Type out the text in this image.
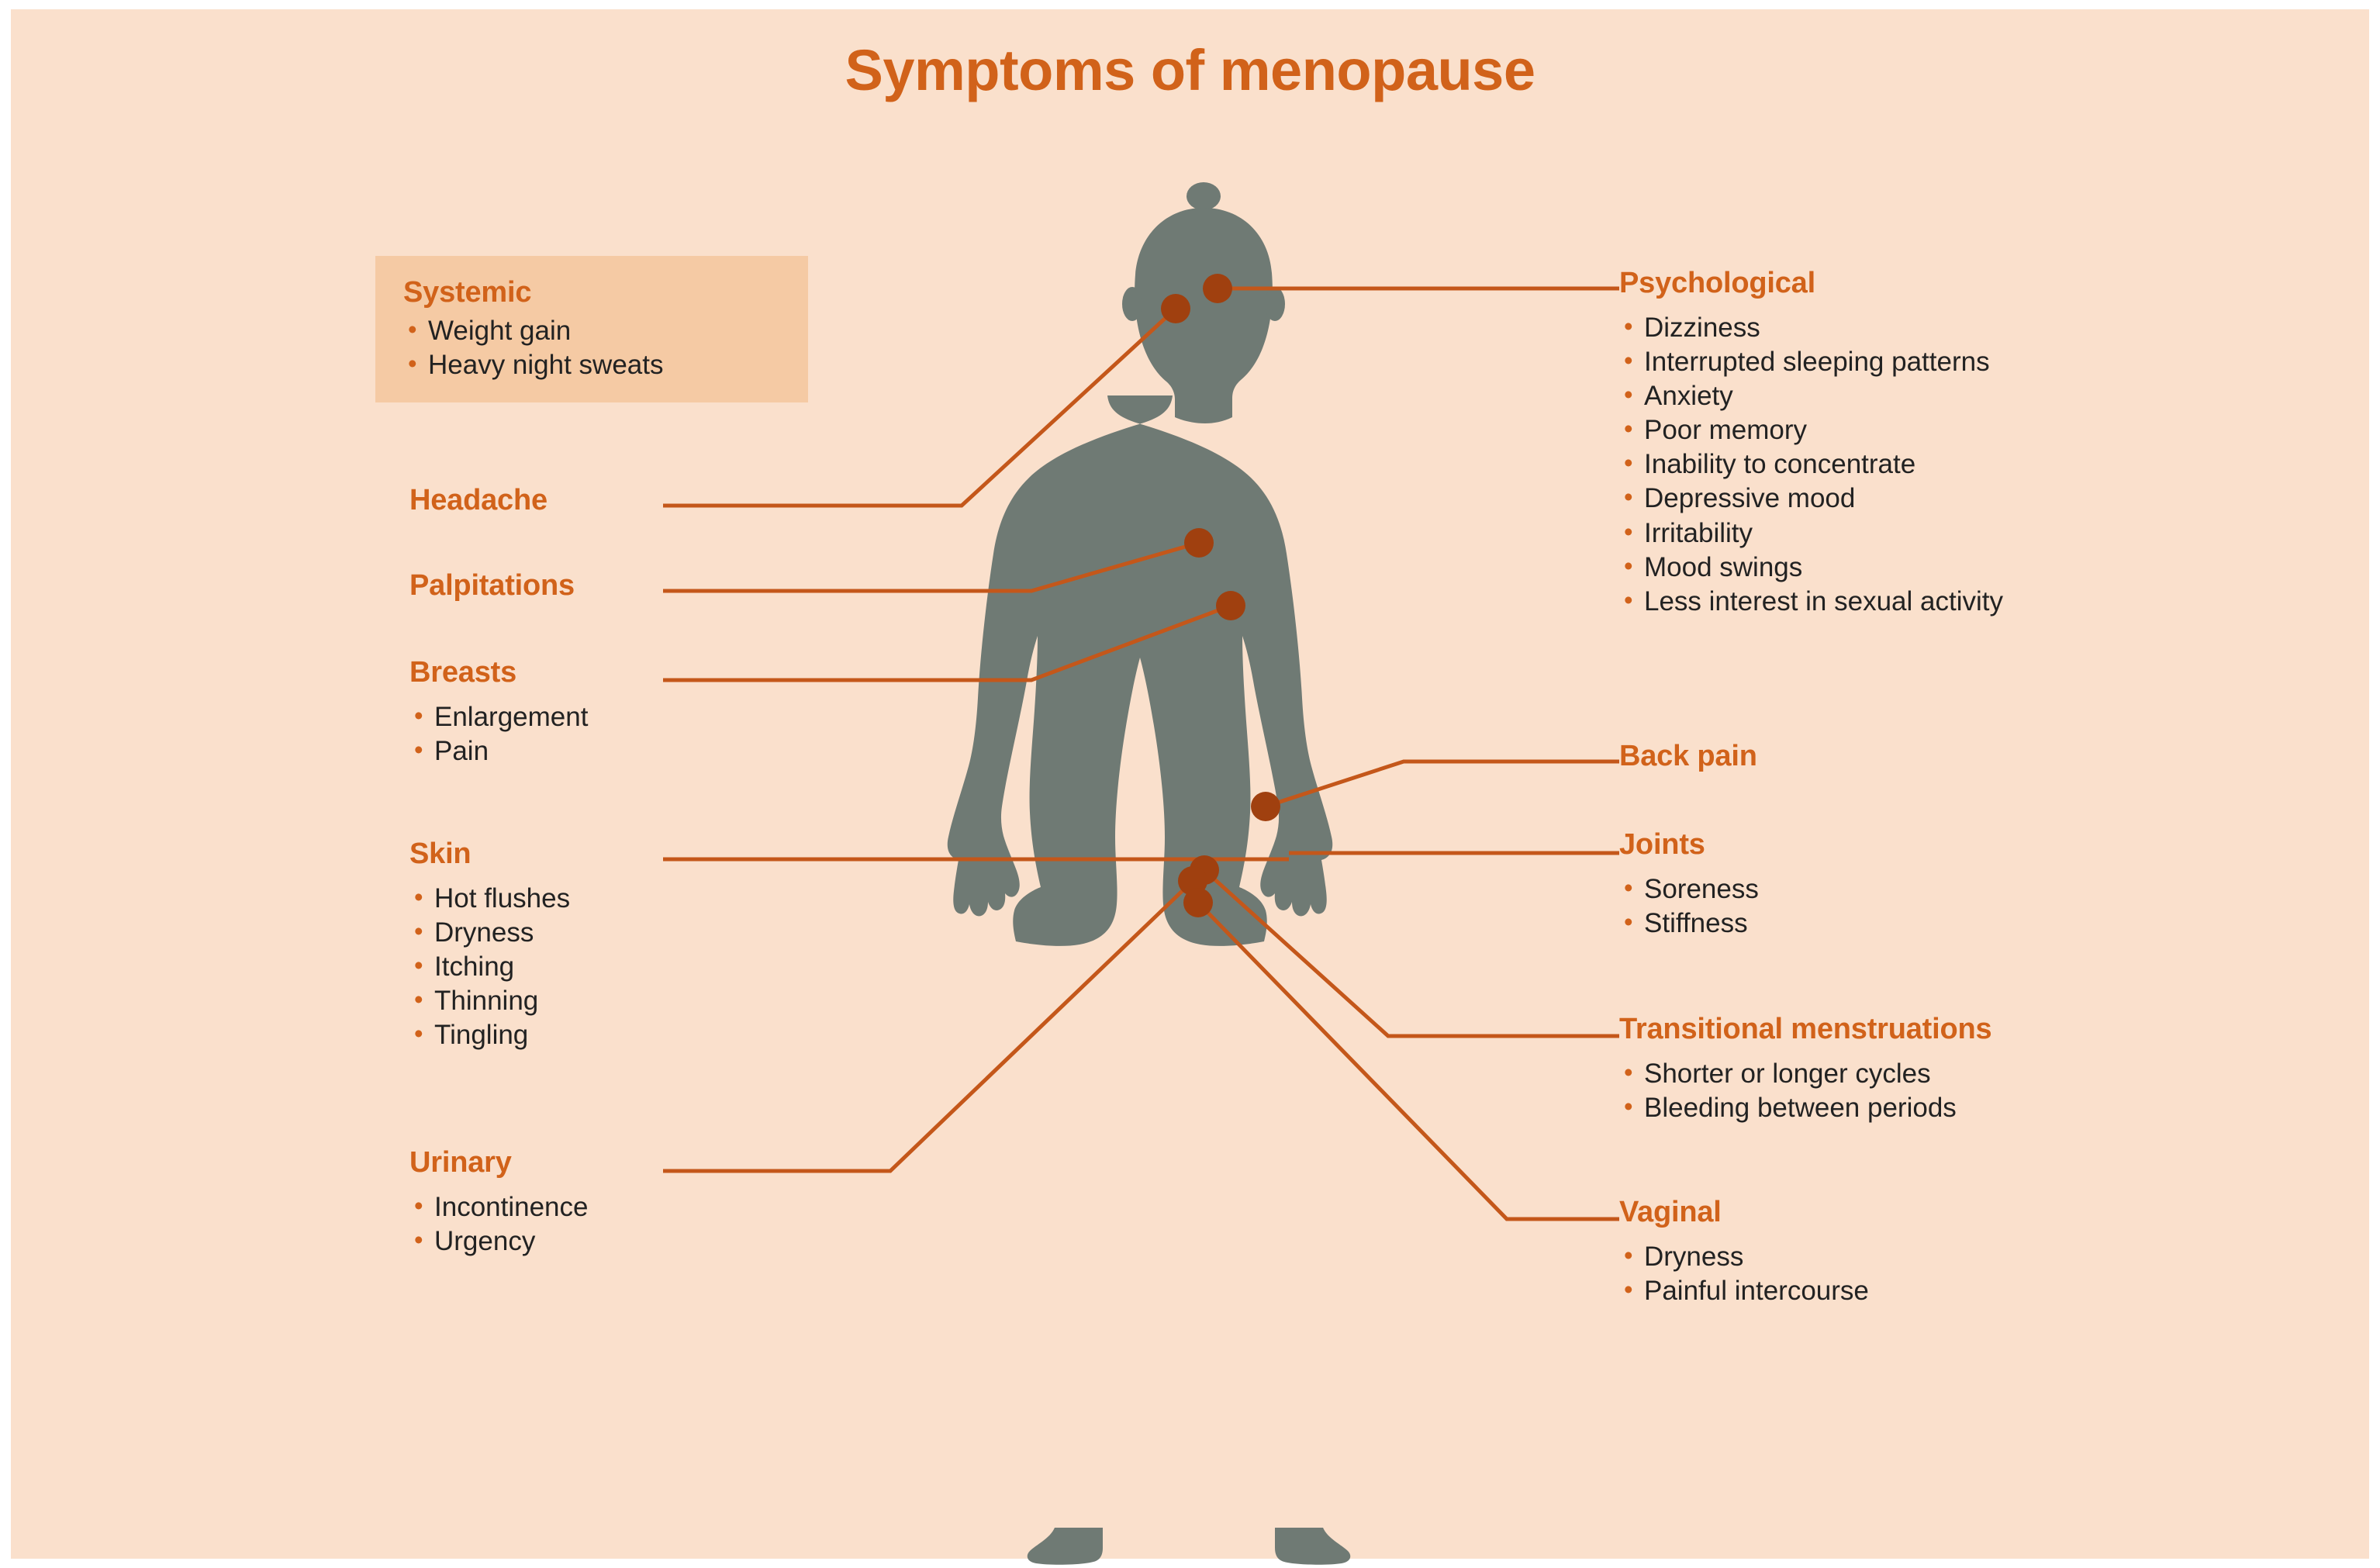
Symptoms of menopause
Systemic
• Weight gain
• Heavy night sweats
Headache
Palpitations
Breasts
• Enlargement
• Pain
Skin
• Hot flushes
• Dryness
• Itching
• Thinning
• Tingling
Urinary
• Incontinence
• Urgency
Psychological
• Dizziness
• Interrupted sleeping patterns
• Anxiety
• Poor memory
• Inability to concentrate
• Depressive mood
• Irritability
• Mood swings
• Less interest in sexual activity
Back pain
Joints
• Soreness
• Stiffness
Transitional menstruations
• Shorter or longer cycles
• Bleeding between periods
Vaginal
• Dryness
• Painful intercourse
